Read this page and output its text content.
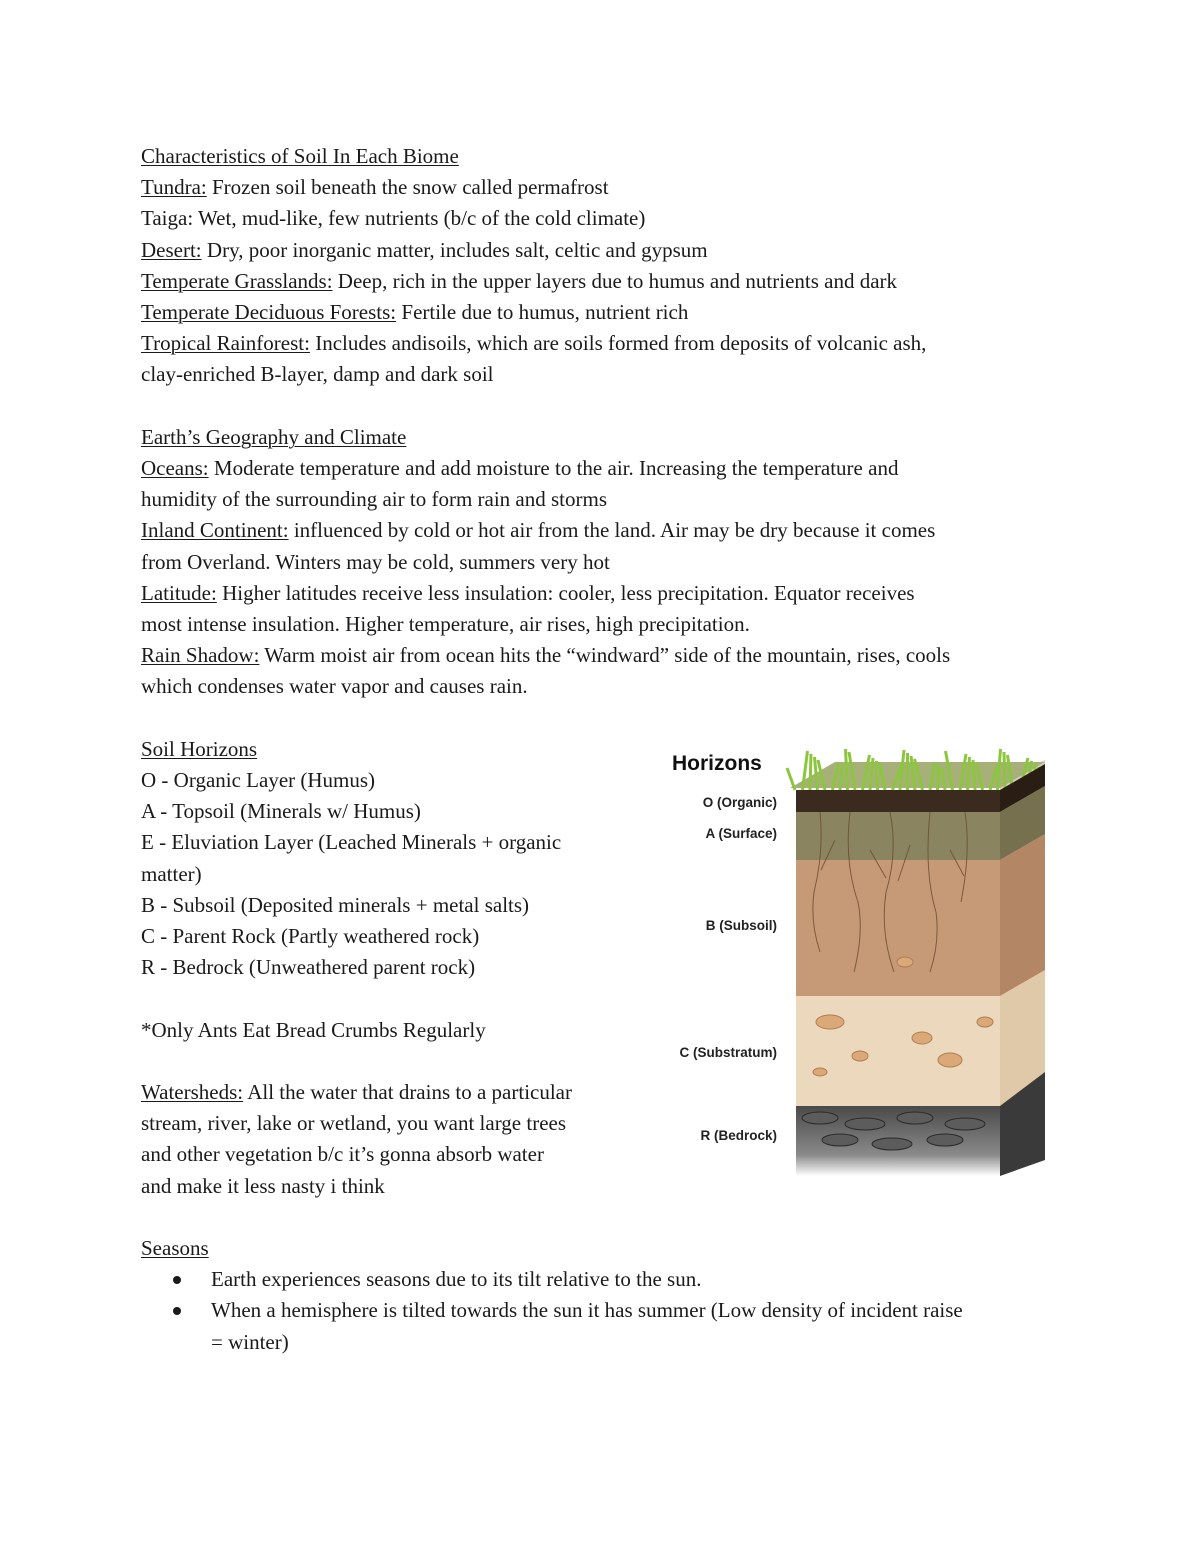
Characteristics of Soil In Each Biome
Tundra: Frozen soil beneath the snow called permafrost
Taiga: Wet, mud-like, few nutrients (b/c of the cold climate)
Desert: Dry, poor inorganic matter, includes salt, celtic and gypsum
Temperate Grasslands: Deep, rich in the upper layers due to humus and nutrients and dark
Temperate Deciduous Forests: Fertile due to humus, nutrient rich
Tropical Rainforest: Includes andisoils, which are soils formed from deposits of volcanic ash,
clay-enriched B-layer, damp and dark soil
Earth’s Geography and Climate
Oceans: Moderate temperature and add moisture to the air. Increasing the temperature and
humidity of the surrounding air to form rain and storms
Inland Continent: influenced by cold or hot air from the land. Air may be dry because it comes
from Overland. Winters may be cold, summers very hot
Latitude: Higher latitudes receive less insulation: cooler, less precipitation. Equator receives
most intense insulation. Higher temperature, air rises, high precipitation.
Rain Shadow: Warm moist air from ocean hits the “windward” side of the mountain, rises, cools
which condenses water vapor and causes rain.
Soil Horizons
O - Organic Layer (Humus)
A - Topsoil (Minerals w/ Humus)
E - Eluviation Layer (Leached Minerals + organic
matter)
B - Subsoil (Deposited minerals + metal salts)
C - Parent Rock (Partly weathered rock)
R - Bedrock (Unweathered parent rock)
*Only Ants Eat Bread Crumbs Regularly
Watersheds: All the water that drains to a particular
stream, river, lake or wetland, you want large trees
and other vegetation b/c it’s gonna absorb water
and make it less nasty i think
Seasons
Earth experiences seasons due to its tilt relative to the sun.
When a hemisphere is tilted towards the sun it has summer (Low density of incident raise
= winter)
Horizons
O (Organic)
A (Surface)
B (Subsoil)
C (Substratum)
R (Bedrock)
